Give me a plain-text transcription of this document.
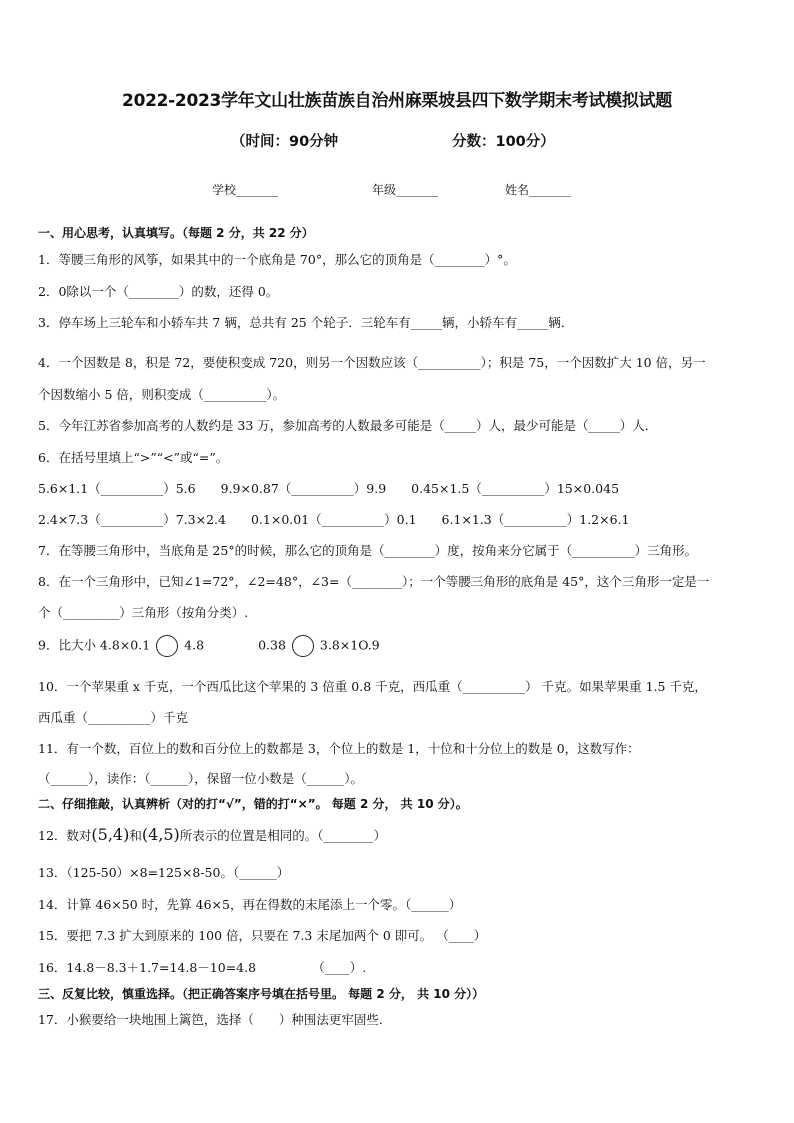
2022-2023学年文山壮族苗族自治州麻栗坡县四下数学期末考试模拟试题
（时间：90分钟	分数：100分）
学校_______	年级_______	姓名_______
一、用心思考，认真填写。（每题 2 分，共 22 分）
1．等腰三角形的风筝，如果其中的一个底角是 70°，那么它的顶角是（________）°。
2．0除以一个（________）的数，还得 0。
3．停车场上三轮车和小轿车共 7 辆，总共有 25 个轮子．三轮车有_____辆，小轿车有_____辆．
4．一个因数是 8，积是 72，要使积变成 720，则另一个因数应该（__________）；积是 75，一个因数扩大 10 倍，另一
个因数缩小 5 倍，则积变成（__________）。
5．今年江苏省参加高考的人数约是 33 万，参加高考的人数最多可能是（_____）人，最少可能是（_____）人．
6．在括号里填上“>”“<”或“=”。
5.6×1.1（__________）5.6　　9.9×0.87（__________）9.9　　0.45×1.5（__________）15×0.045
2.4×7.3（__________）7.3×2.4　　0.1×0.01（__________）0.1　　6.1×1.3（__________）1.2×6.1
7．在等腰三角形中，当底角是 25°的时候，那么它的顶角是（________）度，按角来分它属于（__________）三角形。
8．在一个三角形中，已知∠1=72°，∠2=48°，∠3=（________）；一个等腰三角形的底角是 45°，这个三角形一定是一
个（_________）三角形（按角分类）.
9．比大小 4.8×0.1	4.8	0.38	3.8×1O.9
10．一个苹果重 x 千克，一个西瓜比这个苹果的 3 倍重 0.8 千克，西瓜重（__________） 千克。如果苹果重 1.5 千克，
西瓜重（__________）千克
11．有一个数，百位上的数和百分位上的数都是 3，个位上的数是 1，十位和十分位上的数是 0，这数写作：
（______），读作：（______），保留一位小数是（______）。
二、仔细推敲，认真辨析（对的打“√”，错的打“×”。 每题 2 分， 共 10 分）。
12．数对(5,4)和(4,5)所表示的位置是相同的。（________）
13．（125-50）×8=125×8-50。（______）
14．计算 46×50 时，先算 46×5，再在得数的末尾添上一个零。（______）
15．要把 7.3 扩大到原来的 100 倍，只要在 7.3 末尾加两个 0 即可。 （____）
16．14.8－8.3＋1.7=14.8－10=4.8　　　　　（____）.
三、反复比较，慎重选择。（把正确答案序号填在括号里。 每题 2 分， 共 10 分））
17．小猴要给一块地围上篱笆，选择（　　）种围法更牢固些.
